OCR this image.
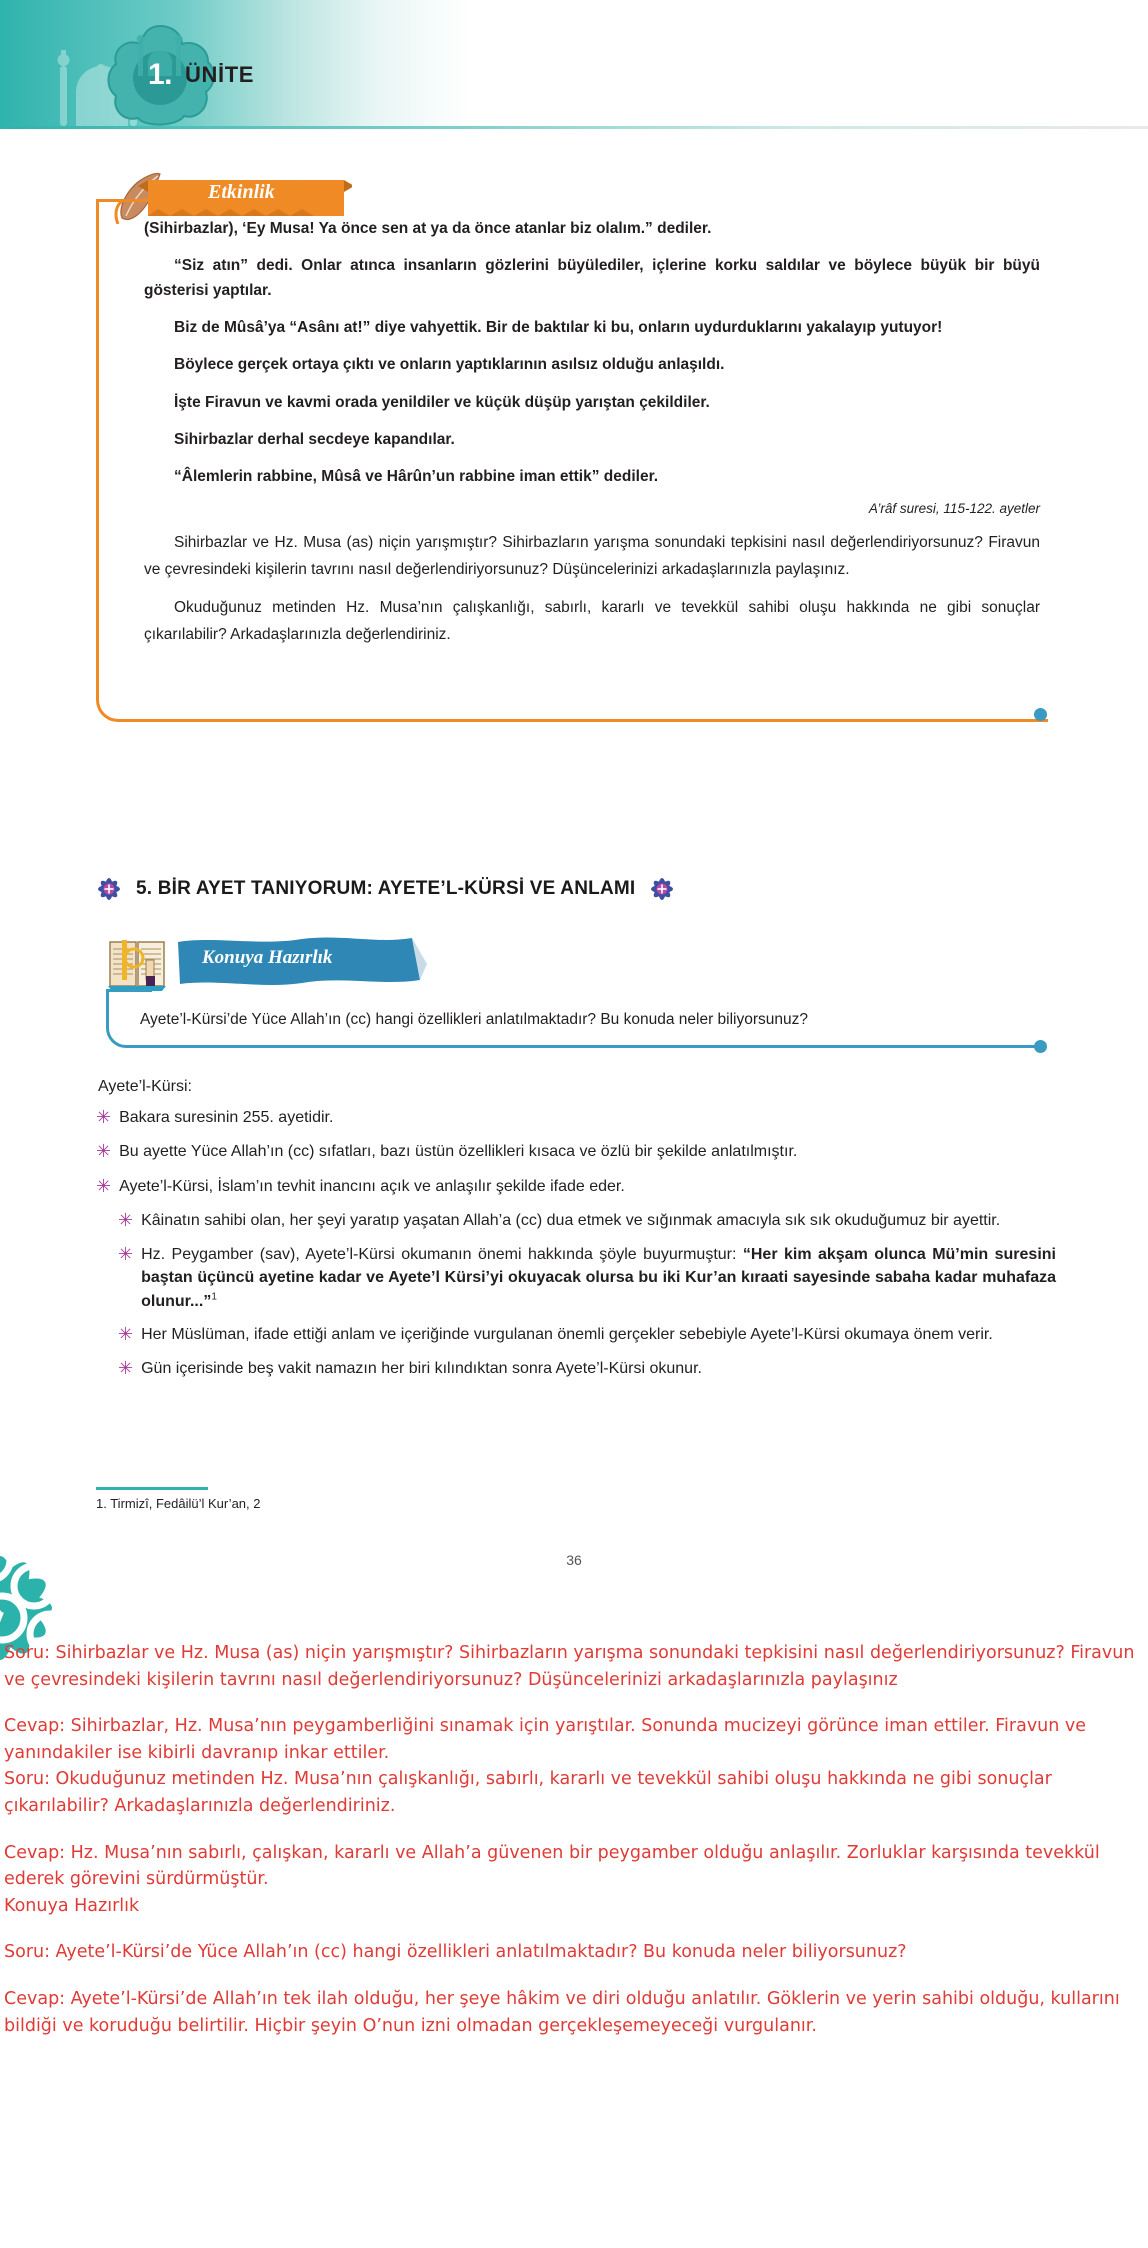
1. ÜNİTE
Etkinlik

(Sihirbazlar), ‘Ey Musa! Ya önce sen at ya da önce atanlar biz olalım.” dediler.

“Siz atın” dedi. Onlar atınca insanların gözlerini büyülediler, içlerine korku saldılar ve böylece büyük bir büyü gösterisi yaptılar.

Biz de Mûsâ’ya “Asânı at!” diye vahyettik. Bir de baktılar ki bu, onların uydurduklarını yakalayıp yutuyor!

Böylece gerçek ortaya çıktı ve onların yaptıklarının asılsız olduğu anlaşıldı.

İşte Firavun ve kavmi orada yenildiler ve küçük düşüp yarıştan çekildiler.

Sihirbazlar derhal secdeye kapandılar.

“Âlemlerin rabbine, Mûsâ ve Hârûn’un rabbine iman ettik” dediler.

A’râf suresi, 115-122. ayetler

Sihirbazlar ve Hz. Musa (as) niçin yarışmıştır? Sihirbazların yarışma sonundaki tepkisini nasıl değerlendiriyorsunuz? Firavun ve çevresindeki kişilerin tavrını nasıl değerlendiriyorsunuz? Düşüncelerinizi arkadaşlarınızla paylaşınız.

Okuduğunuz metinden Hz. Musa’nın çalışkanlığı, sabırlı, kararlı ve tevekkül sahibi oluşu hakkında ne gibi sonuçlar çıkarılabilir? Arkadaşlarınızla değerlendiriniz.

5. BİR AYET TANIYORUM: AYETE’L-KÜRSİ VE ANLAMI
Konuya Hazırlık
Ayete’l-Kürsi’de Yüce Allah’ın (cc) hangi özellikleri anlatılmaktadır? Bu konuda neler biliyorsunuz?
Ayete’l-Kürsi:
✳ Bakara suresinin 255. ayetidir.
✳ Bu ayette Yüce Allah’ın (cc) sıfatları, bazı üstün özellikleri kısaca ve özlü bir şekilde anlatılmıştır.
✳ Ayete’l-Kürsi, İslam’ın tevhit inancını açık ve anlaşılır şekilde ifade eder.
✳ Kâinatın sahibi olan, her şeyi yaratıp yaşatan Allah’a (cc) dua etmek ve sığınmak amacıyla sık sık okuduğumuz bir ayettir.
✳ Hz. Peygamber (sav), Ayete’l-Kürsi okumanın önemi hakkında şöyle buyurmuştur: “Her kim akşam olunca Mü’min suresini baştan üçüncü ayetine kadar ve Ayete’l Kürsi’yi okuyacak olursa bu iki Kur’an kıraati sayesinde sabaha kadar muhafaza olunur...”$^1$
✳ Her Müslüman, ifade ettiği anlam ve içeriğinde vurgulanan önemli gerçekler sebebiyle Ayete’l-Kürsi okumaya önem verir.
✳ Gün içerisinde beş vakit namazın her biri kılındıktan sonra Ayete’l-Kürsi okunur.
1. Tirmizî, Fedâilü’l Kur’an, 2
36

Soru: Sihirbazlar ve Hz. Musa (as) niçin yarışmıştır? Sihirbazların yarışma sonundaki tepkisini nasıl değerlendiriyorsunuz? Firavun ve çevresindeki kişilerin tavrını nasıl değerlendiriyorsunuz? Düşüncelerinizi arkadaşlarınızla paylaşınız

Cevap: Sihirbazlar, Hz. Musa’nın peygamberliğini sınamak için yarıştılar. Sonunda mucizeyi görünce iman ettiler. Firavun ve yanındakiler ise kibirli davranıp inkar ettiler.

Soru: Okuduğunuz metinden Hz. Musa’nın çalışkanlığı, sabırlı, kararlı ve tevekkül sahibi oluşu hakkında ne gibi sonuçlar çıkarılabilir? Arkadaşlarınızla değerlendiriniz.

Cevap: Hz. Musa’nın sabırlı, çalışkan, kararlı ve Allah’a güvenen bir peygamber olduğu anlaşılır. Zorluklar karşısında tevekkül ederek görevini sürdürmüştür.

Konuya Hazırlık

Soru: Ayete’l-Kürsi’de Yüce Allah’ın (cc) hangi özellikleri anlatılmaktadır? Bu konuda neler biliyorsunuz?

Cevap: Ayete’l-Kürsi’de Allah’ın tek ilah olduğu, her şeye hâkim ve diri olduğu anlatılır. Göklerin ve yerin sahibi olduğu, kullarını bildiği ve koruduğu belirtilir. Hiçbir şeyin O’nun izni olmadan gerçekleşemeyeceği vurgulanır.
